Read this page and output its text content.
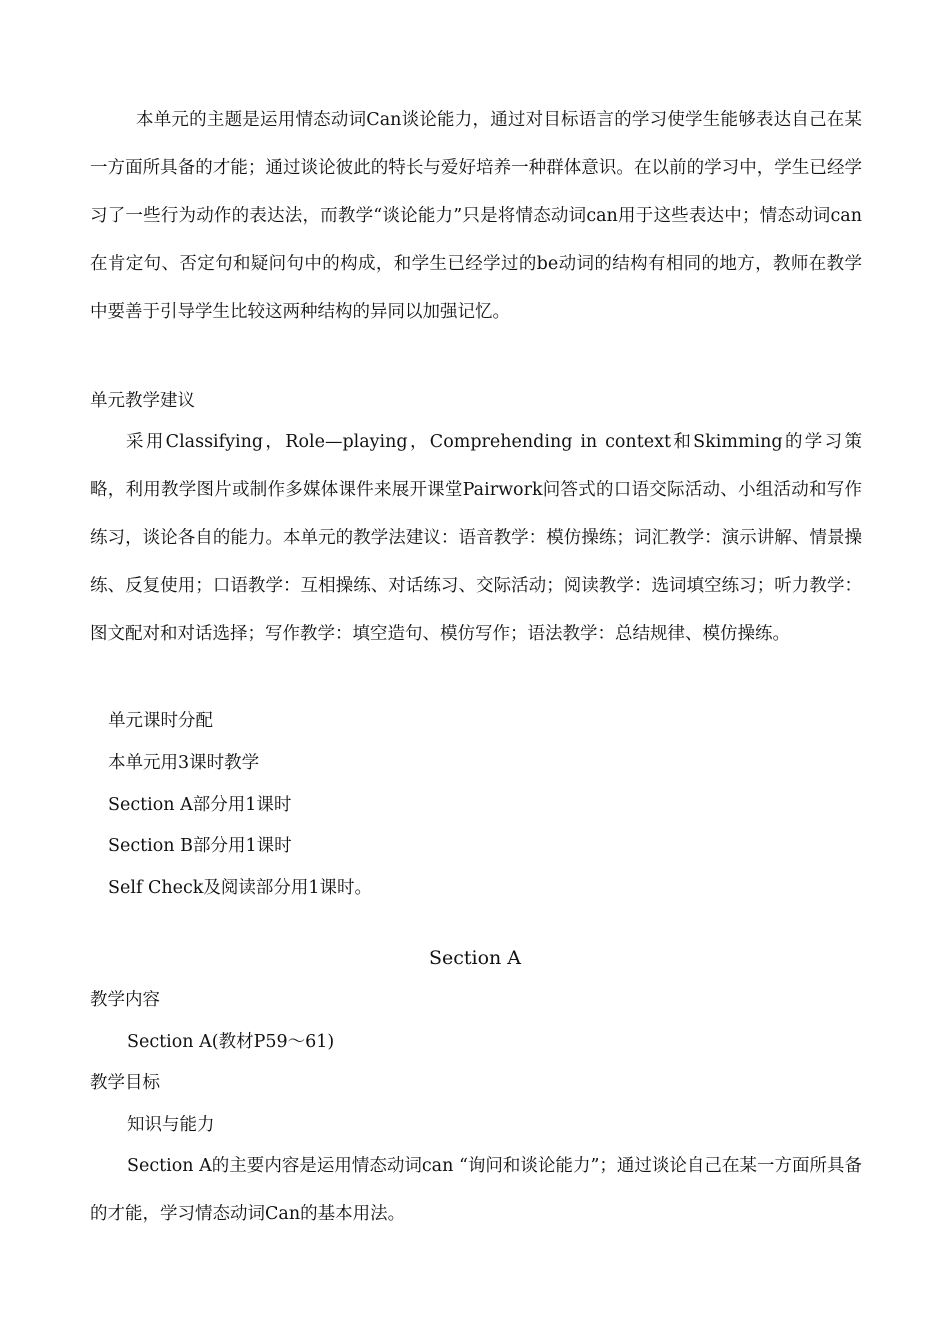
本单元的主题是运用情态动词Can谈论能力，通过对目标语言的学习使学生能够表达自己在某一方面所具备的才能；通过谈论彼此的特长与爱好培养一种群体意识。在以前的学习中，学生已经学习了一些行为动作的表达法，而教学“谈论能力”只是将情态动词can用于这些表达中；情态动词can在肯定句、否定句和疑问句中的构成，和学生已经学过的be动词的结构有相同的地方，教师在教学中要善于引导学生比较这两种结构的异同以加强记忆。

单元教学建议

采用Classifying，Role—playing，Comprehending in context和Skimming的学习策略，利用教学图片或制作多媒体课件来展开课堂Pairwork问答式的口语交际活动、小组活动和写作练习，谈论各自的能力。本单元的教学法建议：语音教学：模仿操练；词汇教学：演示讲解、情景操练、反复使用；口语教学：互相操练、对话练习、交际活动；阅读教学：选词填空练习；听力教学：图文配对和对话选择；写作教学：填空造句、模仿写作；语法教学：总结规律、模仿操练。

单元课时分配

本单元用3课时教学

Section A部分用1课时

Section B部分用1课时

Self Check及阅读部分用1课时。

Section A

教学内容

Section A(教材P59～61)

教学目标

知识与能力

Section A的主要内容是运用情态动词can “询问和谈论能力”；通过谈论自己在某一方面所具备的才能，学习情态动词Can的基本用法。
